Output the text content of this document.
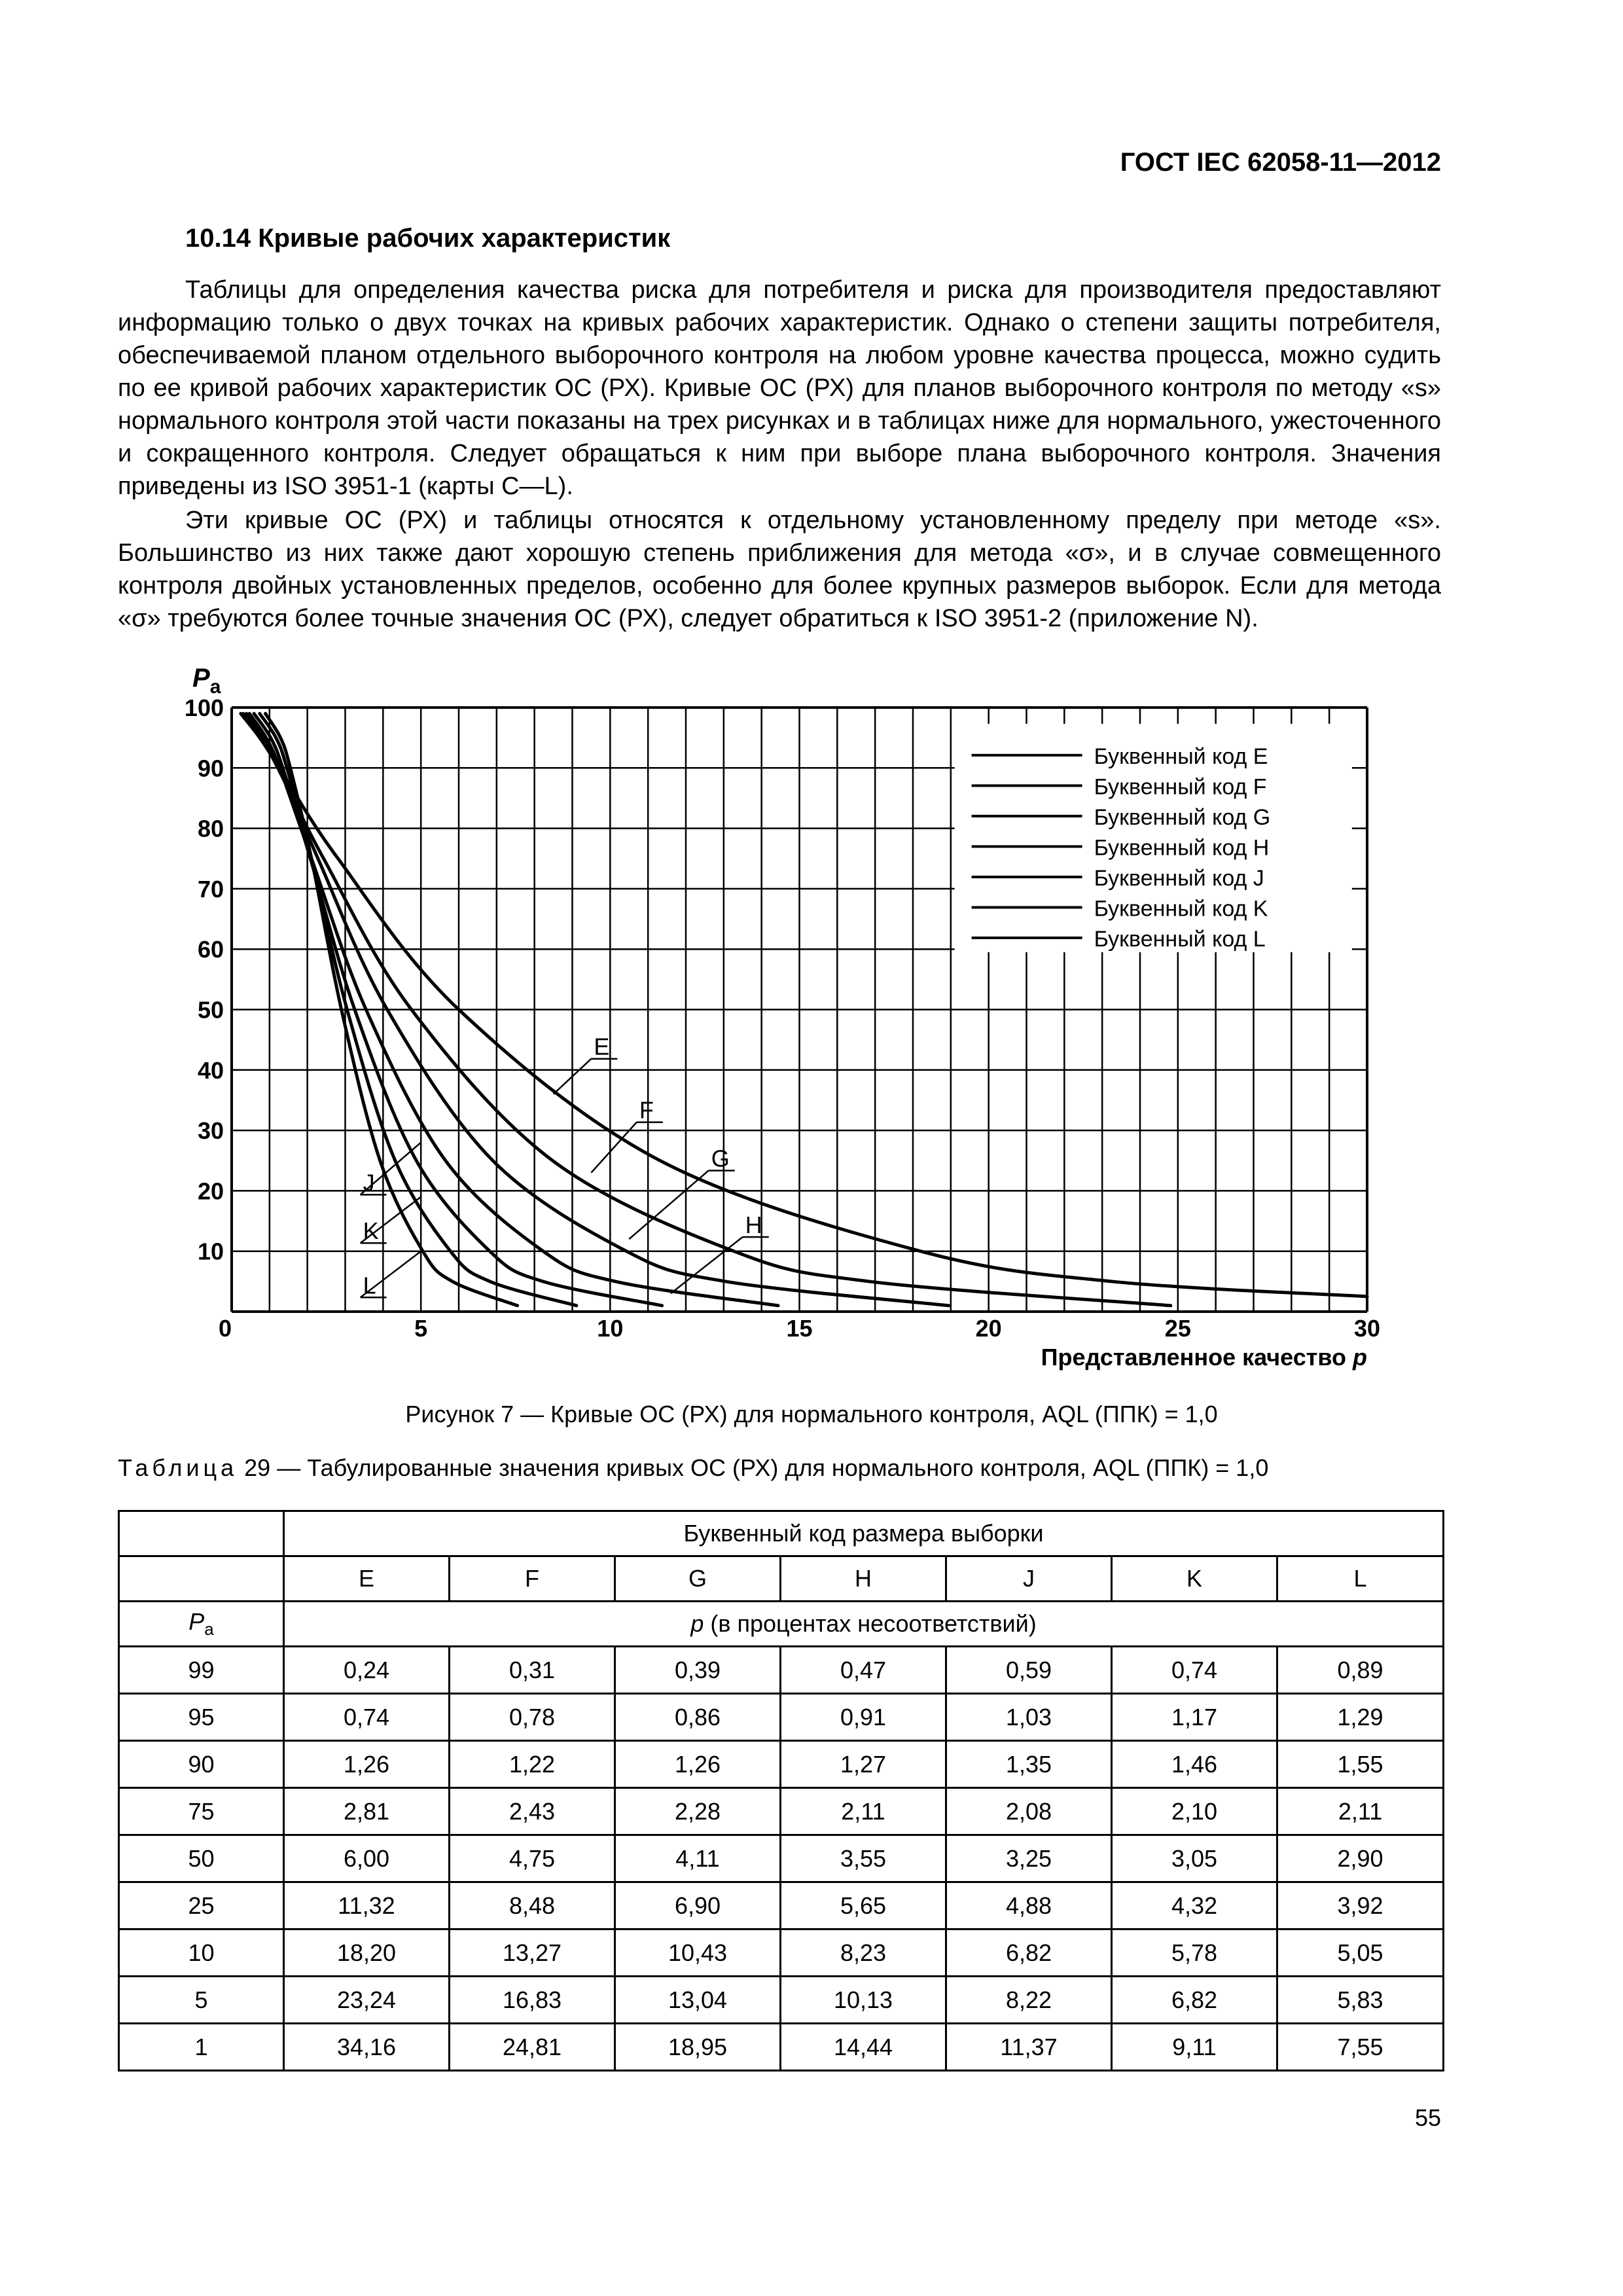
ГОСТ IEC 62058-11—2012
10.14 Кривые рабочих характеристик
Таблицы для определения качества риска для потребителя и риска для производителя предоставляют информацию только о двух точках на кривых рабочих характеристик. Однако о степени защиты потребителя, обеспечиваемой планом отдельного выборочного контроля на любом уровне качества процесса, можно судить по ее кривой рабочих характеристик ОС (РХ). Кривые ОС (РХ) для планов выборочного контроля по методу «s» нормального контроля этой части показаны на трех рисунках и в таблицах ниже для нормального, ужесточенного и сокращенного контроля. Следует обращаться к ним при выборе плана выборочного контроля. Значения приведены из ISO 3951-1 (карты С—L).
Эти кривые ОС (РХ) и таблицы относятся к отдельному установленному пределу при методе «s». Большинство из них также дают хорошую степень приближения для метода «σ», и в случае совмещенного контроля двойных установленных пределов, особенно для более крупных размеров выборок. Если для метода «σ» требуются более точные значения ОС (РХ), следует обратиться к ISO 3951-2 (приложение N).
E
F
G
H
J
K
L
0	5	10	15	20	25	30
10
20
30
40
50
60
70
80
90
100
Буквенный код E
Буквенный код F
Буквенный код G
Буквенный код H
Буквенный код J
Буквенный код K
Буквенный код L
$P_a$
Представленное качество p
Рисунок 7 — Кривые ОС (РХ) для нормального контроля, AQL (ППК) = 1,0
Таблица 29 — Табулированные значения кривых ОС (РХ) для нормального контроля, AQL (ППК) = 1,0
	Буквенный код размера выборки						
	E	F	G	H	J	K	L
$P_a$	p (в процентах несоответствий)						
99	0,24	0,31	0,39	0,47	0,59	0,74	0,89
95	0,74	0,78	0,86	0,91	1,03	1,17	1,29
90	1,26	1,22	1,26	1,27	1,35	1,46	1,55
75	2,81	2,43	2,28	2,11	2,08	2,10	2,11
50	6,00	4,75	4,11	3,55	3,25	3,05	2,90
25	11,32	8,48	6,90	5,65	4,88	4,32	3,92
10	18,20	13,27	10,43	8,23	6,82	5,78	5,05
5	23,24	16,83	13,04	10,13	8,22	6,82	5,83
1	34,16	24,81	18,95	14,44	11,37	9,11	7,55
55
